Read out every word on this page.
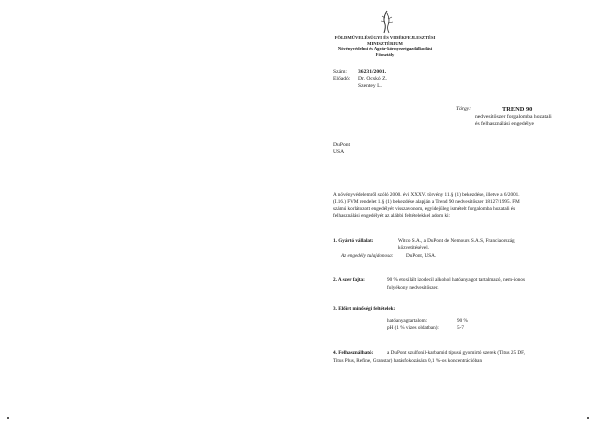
FÖLDMŰVELÉSÜGYI ÉS VIDÉKFEJLESZTÉSI
MINISZTÉRIUM
Növényvédelmi és Agrár-környezetgazdálkodási
Főosztály
Szám: 36231/2001.
Előadó: Dr. Ocskó Z.
Szentey L.
Tárgy:	TREND 90
nedvesítőszer forgalomba hozatali
és felhasználási engedélye
DuPont
USA
A növényvédelemről szóló 2000. évi XXXV. törvény 11.§ (1) bekezdése, illetve a 6/2001.
(I.16.) FVM rendelet 1.§ (1) bekezdése alapján a Trend 90 nedvesítőszer 18127/1995. FM
számú korlátozott engedélyét visszavonom, egyidejűleg ismételt forgalomba hozatali és
felhasználási engedélyét az alábbi feltételekkel adom ki:
1. Gyártó vállalat:	Witco S.A., a DuPont de Nemours S.A.S, Franciaország
közvetítésével.
Az engedély tulajdonosa: DuPont, USA.
2. A szer fajta:	90 % etoxilált izodecil alkohol hatóanyagot tartalmazó, nem-ionos
folyékony nedvesítőszer.
3. Előírt minőségi feltételek:
hatóanyagtartalom:	90 %
pH (1 % vizes oldatban):	5-7
4. Felhasználható:	a DuPont szulfonil-karbamid típusú gyomirtó szerek (Titus 25 DF,
Titus Plus, Refine, Granstar) hatásfokozására 0,1 %-os koncentrációban
